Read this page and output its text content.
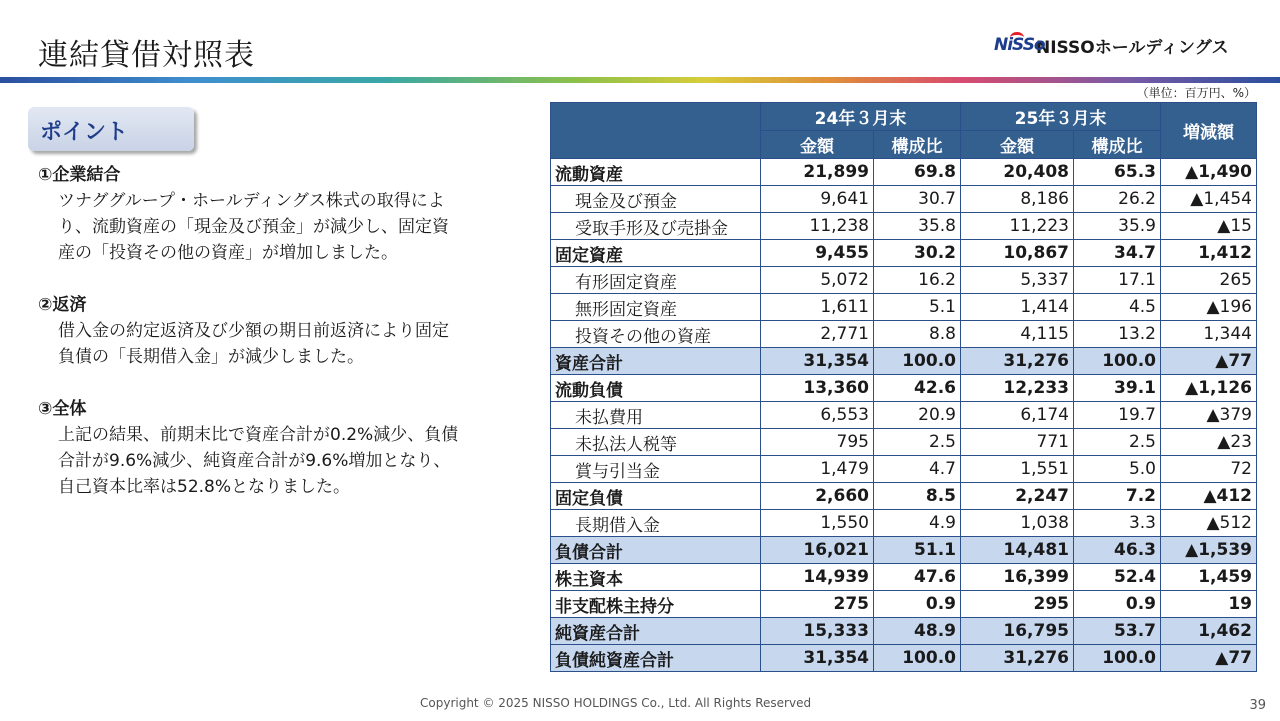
連結貸借対照表	NiSSo
NISSOホールディングス
（単位：百万円、%）
ポイント
①企業結合
ツナググループ・ホールディングス株式の取得によ
り、流動資産の「現金及び預金」が減少し、固定資
産の「投資その他の資産」が増加しました。
②返済
借入金の約定返済及び少額の期日前返済により固定
負債の「長期借入金」が減少しました。
③全体
上記の結果、前期末比で資産合計が0.2%減少、負債
合計が9.6%減少、純資産合計が9.6%増加となり、
自己資本比率は52.8%となりました。
	24年３月末		25年３月末		増減額
	金額	構成比	金額	構成比	
流動資産	21,899	69.8	20,408	65.3	▲1,490
現金及び預金	9,641	30.7	8,186	26.2	▲1,454
受取手形及び売掛金	11,238	35.8	11,223	35.9	▲15
固定資産	9,455	30.2	10,867	34.7	1,412
有形固定資産	5,072	16.2	5,337	17.1	265
無形固定資産	1,611	5.1	1,414	4.5	▲196
投資その他の資産	2,771	8.8	4,115	13.2	1,344
資産合計	31,354	100.0	31,276	100.0	▲77
流動負債	13,360	42.6	12,233	39.1	▲1,126
未払費用	6,553	20.9	6,174	19.7	▲379
未払法人税等	795	2.5	771	2.5	▲23
賞与引当金	1,479	4.7	1,551	5.0	72
固定負債	2,660	8.5	2,247	7.2	▲412
長期借入金	1,550	4.9	1,038	3.3	▲512
負債合計	16,021	51.1	14,481	46.3	▲1,539
株主資本	14,939	47.6	16,399	52.4	1,459
非支配株主持分	275	0.9	295	0.9	19
純資産合計	15,333	48.9	16,795	53.7	1,462
負債純資産合計	31,354	100.0	31,276	100.0	▲77
Copyright © 2025 NISSO HOLDINGS Co., Ltd. All Rights Reserved	39
